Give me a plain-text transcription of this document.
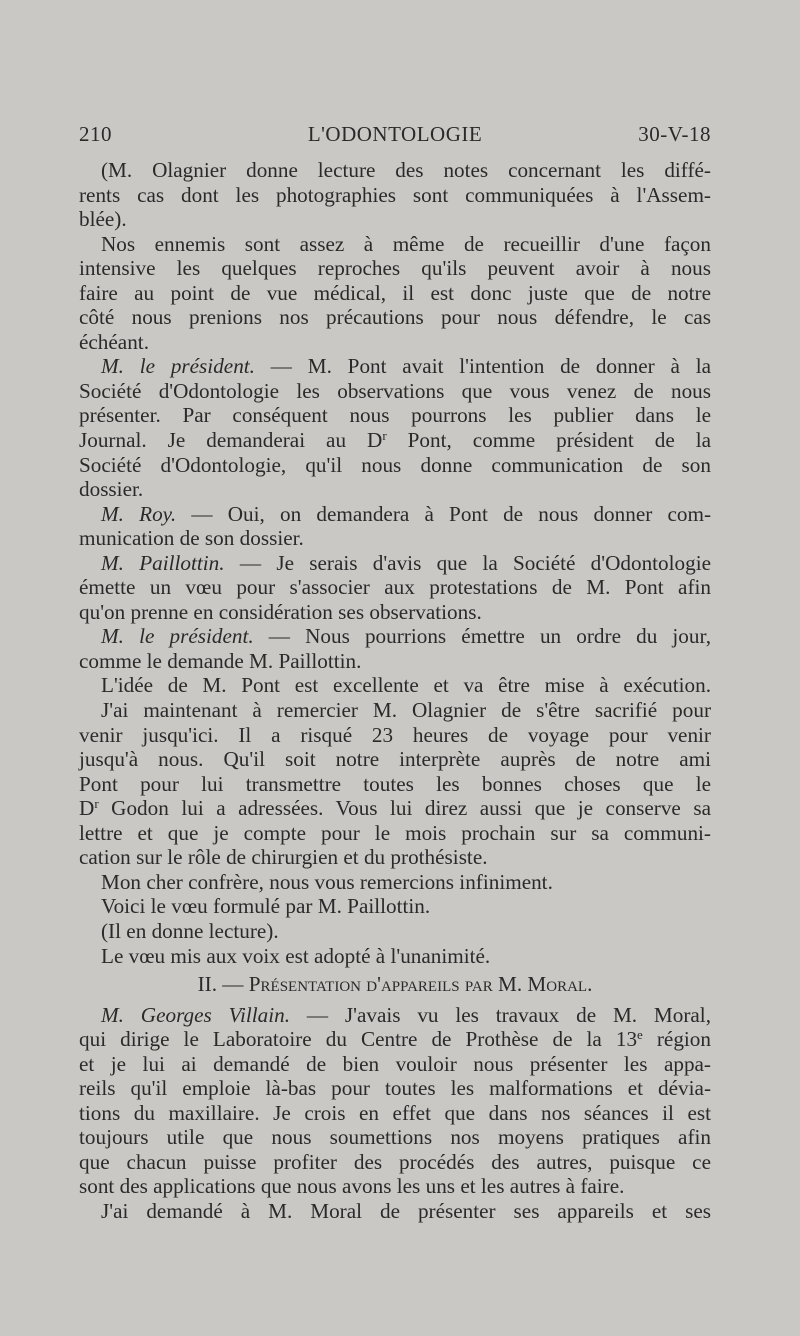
210	L'ODONTOLOGIE	30-V-18
(M. Olagnier donne lecture des notes concernant les diffé-
rents cas dont les photographies sont communiquées à l'Assem-
blée).
Nos ennemis sont assez à même de recueillir d'une façon
intensive les quelques reproches qu'ils peuvent avoir à nous
faire au point de vue médical, il est donc juste que de notre
côté nous prenions nos précautions pour nous défendre, le cas
échéant.
M. le président. — M. Pont avait l'intention de donner à la
Société d'Odontologie les observations que vous venez de nous
présenter. Par conséquent nous pourrons les publier dans le
Journal. Je demanderai au $D^r$ Pont, comme président de la
Société d'Odontologie, qu'il nous donne communication de son
dossier.
M. Roy. — Oui, on demandera à Pont de nous donner com-
munication de son dossier.
M. Paillottin. — Je serais d'avis que la Société d'Odontologie
émette un vœu pour s'associer aux protestations de M. Pont afin
qu'on prenne en considération ses observations.
M. le président. — Nous pourrions émettre un ordre du jour,
comme le demande M. Paillottin.
L'idée de M. Pont est excellente et va être mise à exécution.
J'ai maintenant à remercier M. Olagnier de s'être sacrifié pour
venir jusqu'ici. Il a risqué 23 heures de voyage pour venir
jusqu'à nous. Qu'il soit notre interprète auprès de notre ami
Pont pour lui transmettre toutes les bonnes choses que le
$D^r$ Godon lui a adressées. Vous lui direz aussi que je conserve sa
lettre et que je compte pour le mois prochain sur sa communi-
cation sur le rôle de chirurgien et du prothésiste.
Mon cher confrère, nous vous remercions infiniment.
Voici le vœu formulé par M. Paillottin.
(Il en donne lecture).
Le vœu mis aux voix est adopté à l'unanimité.
II. — Présentation d'appareils par M. Moral.
M. Georges Villain. — J'avais vu les travaux de M. Moral,
qui dirige le Laboratoire du Centre de Prothèse de la 13e région
et je lui ai demandé de bien vouloir nous présenter les appa-
reils qu'il emploie là-bas pour toutes les malformations et dévia-
tions du maxillaire. Je crois en effet que dans nos séances il est
toujours utile que nous soumettions nos moyens pratiques afin
que chacun puisse profiter des procédés des autres, puisque ce
sont des applications que nous avons les uns et les autres à faire.
J'ai demandé à M. Moral de présenter ses appareils et ses
